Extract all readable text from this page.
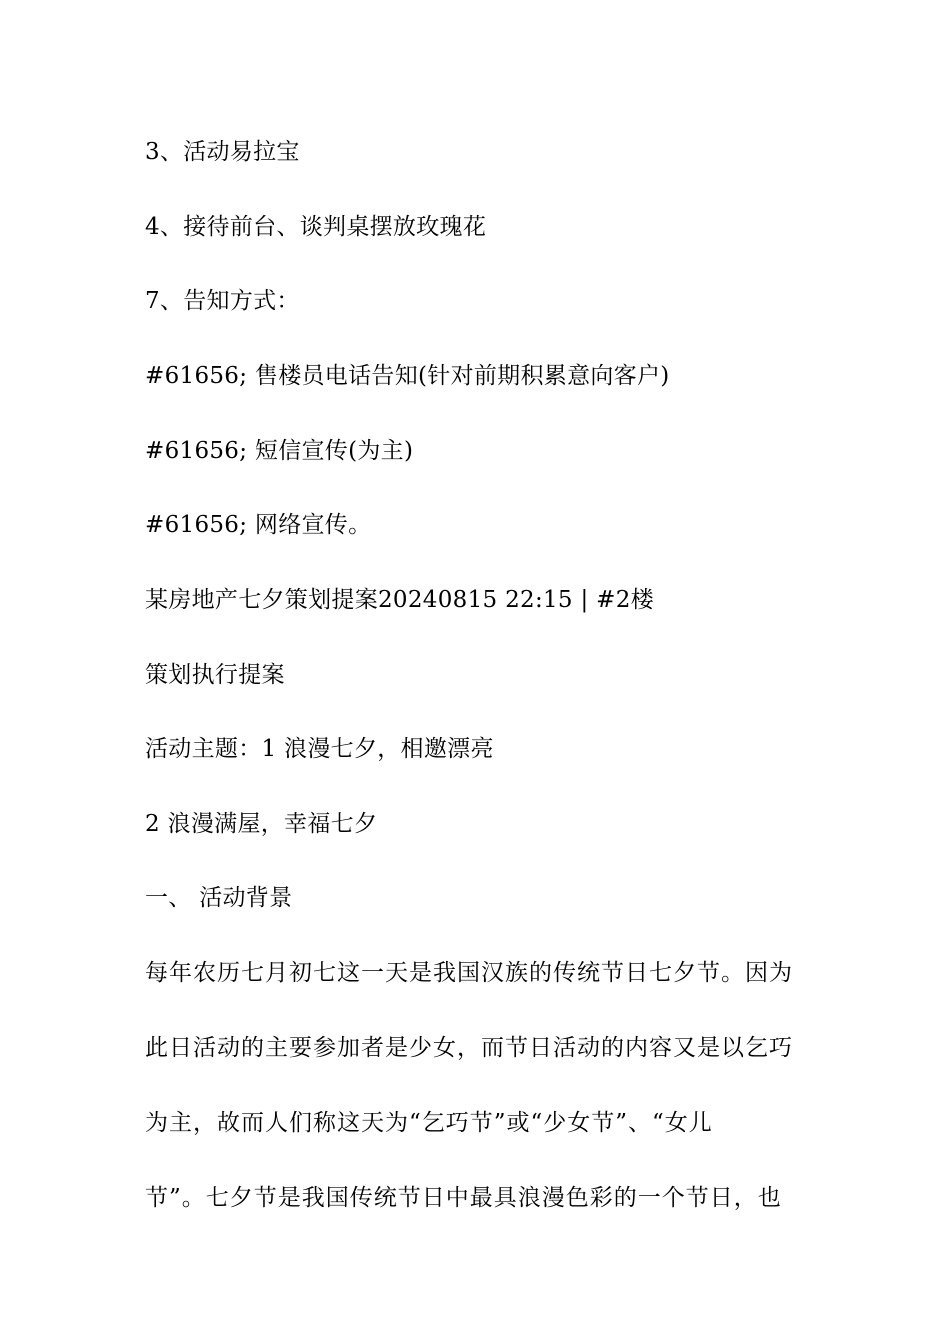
3、活动易拉宝
4、接待前台、谈判桌摆放玫瑰花
7、告知方式：
#61656; 售楼员电话告知(针对前期积累意向客户)
#61656; 短信宣传(为主)
#61656; 网络宣传。
某房地产七夕策划提案20240815 22:15 | #2楼
策划执行提案
活动主题：1 浪漫七夕，相邀漂亮
2 浪漫满屋，幸福七夕
一、 活动背景
每年农历七月初七这一天是我国汉族的传统节日七夕节。因为
此日活动的主要参加者是少女，而节日活动的内容又是以乞巧
为主，故而人们称这天为“乞巧节”或“少女节”、“女儿
节”。七夕节是我国传统节日中最具浪漫色彩的一个节日，也
